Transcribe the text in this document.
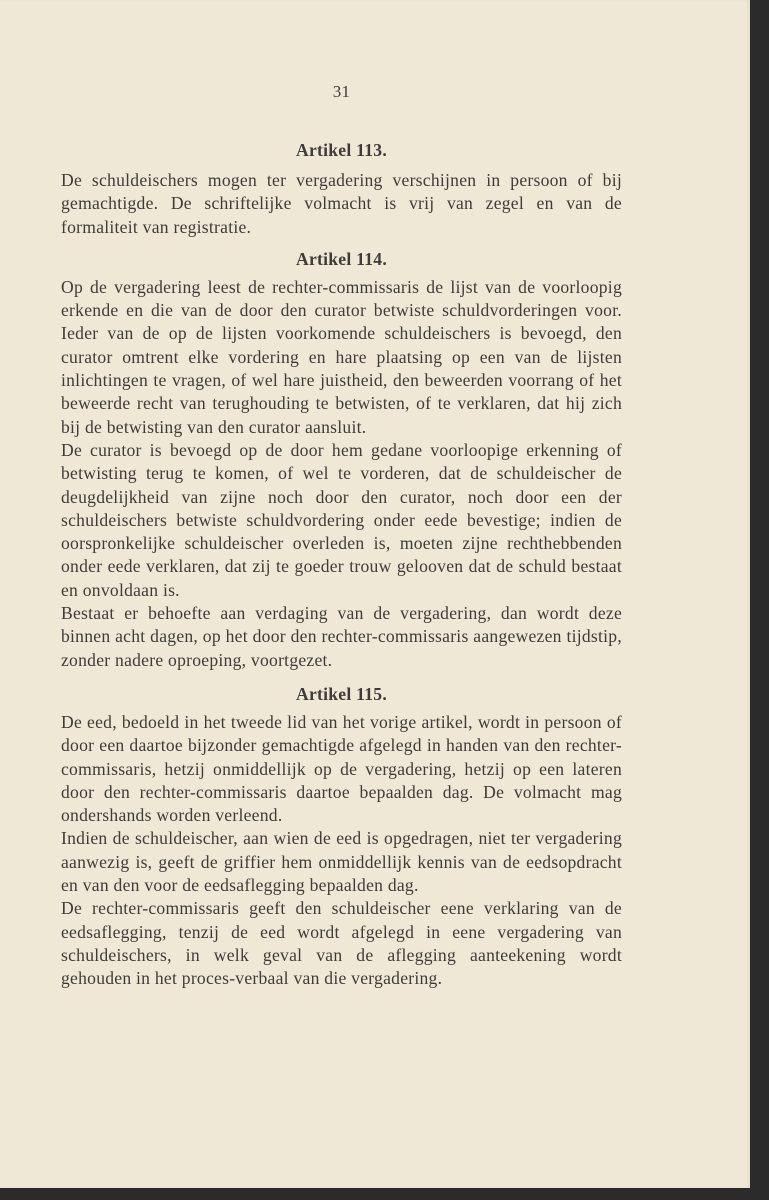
31

Artikel 113.

De schuldeischers mogen ter vergadering verschijnen in persoon of bij gemachtigde. De schriftelijke volmacht is vrij van zegel en van de formaliteit van registratie.

Artikel 114.

Op de vergadering leest de rechter-commissaris de lijst van de voorloopig erkende en die van de door den curator betwiste schuldvorderingen voor. Ieder van de op de lijsten voorkomende schuldeischers is bevoegd, den curator omtrent elke vordering en hare plaatsing op een van de lijsten inlichtingen te vragen, of wel hare juistheid, den beweerden voorrang of het beweerde recht van terughouding te betwisten, of te verklaren, dat hij zich bij de betwisting van den curator aansluit.

De curator is bevoegd op de door hem gedane voorloopige erkenning of betwisting terug te komen, of wel te vorderen, dat de schuldeischer de deugdelijkheid van zijne noch door den curator, noch door een der schuldeischers betwiste schuldvordering onder eede bevestige; indien de oorspronkelijke schuldeischer overleden is, moeten zijne rechthebbenden onder eede verklaren, dat zij te goeder trouw gelooven dat de schuld bestaat en onvoldaan is.

Bestaat er behoefte aan verdaging van de vergadering, dan wordt deze binnen acht dagen, op het door den rechter-commissaris aangewezen tijdstip, zonder nadere oproeping, voortgezet.

Artikel 115.

De eed, bedoeld in het tweede lid van het vorige artikel, wordt in persoon of door een daartoe bijzonder gemachtigde afgelegd in handen van den rechter-commissaris, hetzij onmiddellijk op de vergadering, hetzij op een lateren door den rechter-commissaris daartoe bepaalden dag. De volmacht mag ondershands worden verleend.

Indien de schuldeischer, aan wien de eed is opgedragen, niet ter vergadering aanwezig is, geeft de griffier hem onmiddellijk kennis van de eedsopdracht en van den voor de eedsaflegging bepaalden dag.

De rechter-commissaris geeft den schuldeischer eene verklaring van de eedsaflegging, tenzij de eed wordt afgelegd in eene vergadering van schuldeischers, in welk geval van de aflegging aanteekening wordt gehouden in het proces-verbaal van die vergadering.
